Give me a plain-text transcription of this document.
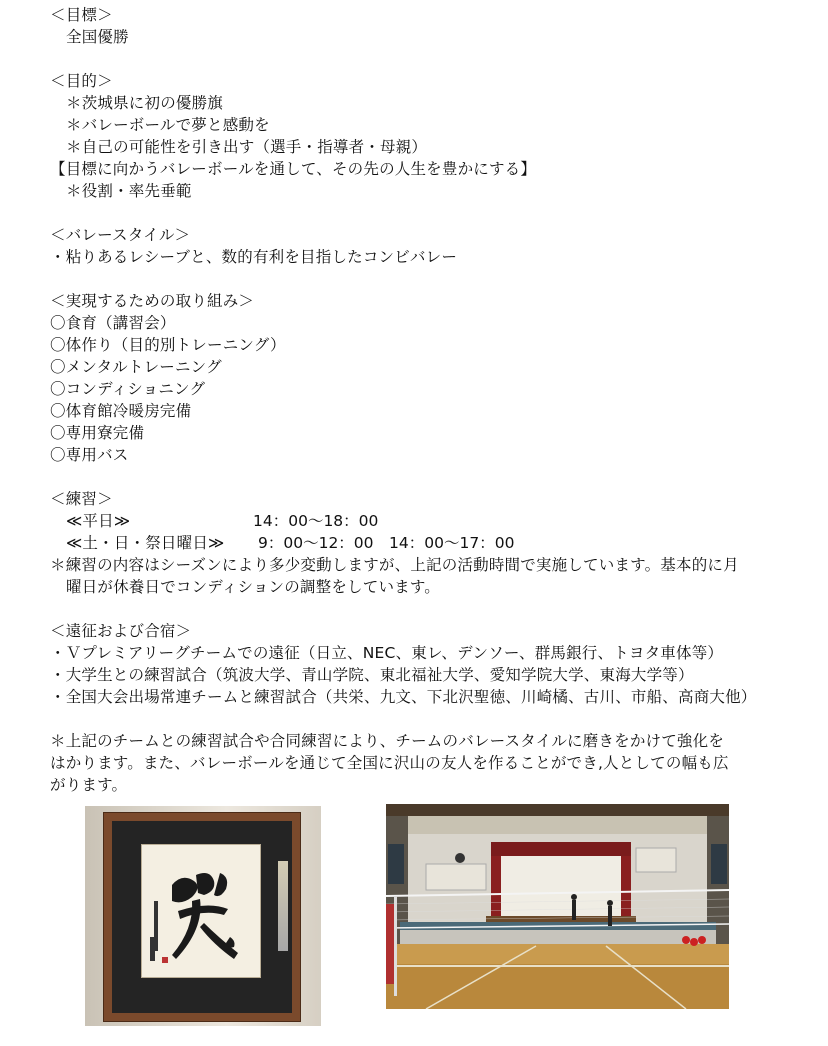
＜目標＞
全国優勝
＜目的＞
＊茨城県に初の優勝旗
＊バレーボールで夢と感動を
＊自己の可能性を引き出す（選手・指導者・母親）
【目標に向かうバレーボールを通して、その先の人生を豊かにする】
＊役割・率先垂範
＜バレースタイル＞
・粘りあるレシーブと、数的有利を目指したコンビバレー
＜実現するための取り組み＞
〇食育（講習会）
〇体作り（目的別トレーニング）
〇メンタルトレーニング
〇コンディショニング
〇体育館冷暖房完備
〇専用寮完備
〇専用バス
＜練習＞
≪平日≫	14：00～18：00
≪土・日・祭日曜日≫ 9：00～12：00　14：00～17：00
＊練習の内容はシーズンにより多少変動しますが、上記の活動時間で実施しています。基本的に月
曜日が休養日でコンディションの調整をしています。
＜遠征および合宿＞
・Ｖプレミアリーグチームでの遠征（日立、NEC、東レ、デンソー、群馬銀行、トヨタ車体等）
・大学生との練習試合（筑波大学、青山学院、東北福祉大学、愛知学院大学、東海大学等）
・全国大会出場常連チームと練習試合（共栄、九文、下北沢聖徳、川崎橘、古川、市船、高商大他）
＊上記のチームとの練習試合や合同練習により、チームのバレースタイルに磨きをかけて強化を
はかります。また、バレーボールを通じて全国に沢山の友人を作ることができ,人としての幅も広
がります。
